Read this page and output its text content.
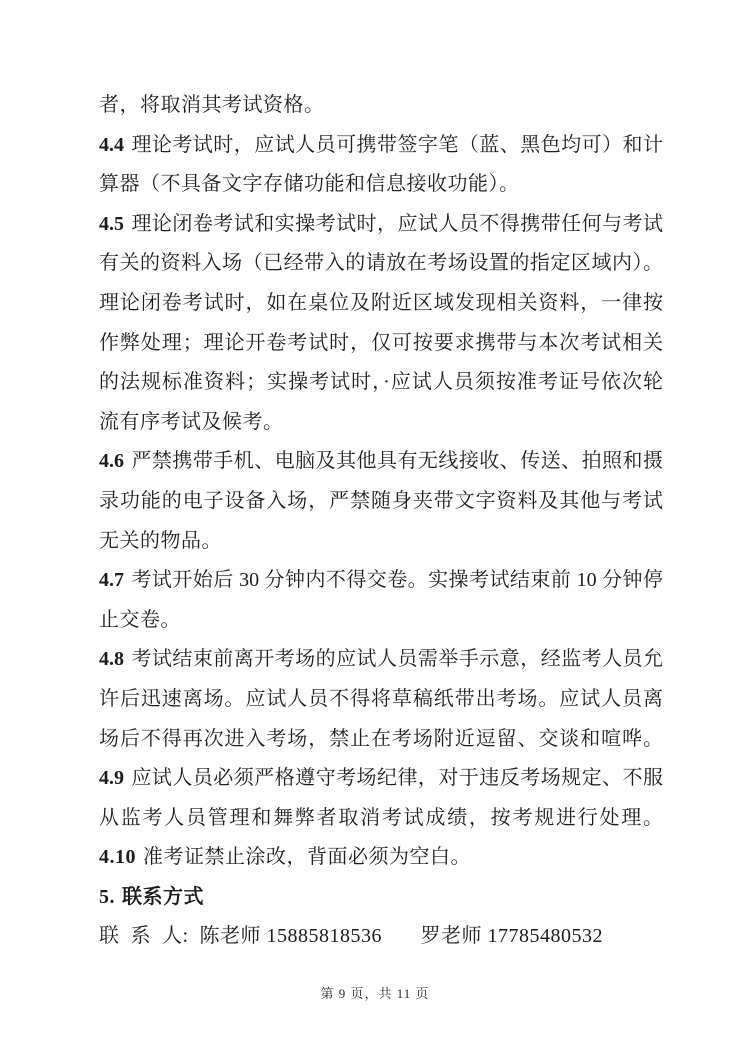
者，将取消其考试资格。
4.4 理论考试时，应试人员可携带签字笔（蓝、黑色均可）和计
算器（不具备文字存储功能和信息接收功能）。
4.5 理论闭卷考试和实操考试时，应试人员不得携带任何与考试
有关的资料入场（已经带入的请放在考场设置的指定区域内）。
理论闭卷考试时，如在桌位及附近区域发现相关资料，一律按
作弊处理；理论开卷考试时，仅可按要求携带与本次考试相关
的法规标准资料；实操考试时，·应试人员须按准考证号依次轮
流有序考试及候考。
4.6 严禁携带手机、电脑及其他具有无线接收、传送、拍照和摄
录功能的电子设备入场，严禁随身夹带文字资料及其他与考试
无关的物品。
4.7 考试开始后 30 分钟内不得交卷。实操考试结束前 10 分钟停
止交卷。
4.8 考试结束前离开考场的应试人员需举手示意，经监考人员允
许后迅速离场。应试人员不得将草稿纸带出考场。应试人员离
场后不得再次进入考场，禁止在考场附近逗留、交谈和喧哗。
4.9 应试人员必须严格遵守考场纪律，对于违反考场规定、不服
从监考人员管理和舞弊者取消考试成绩，按考规进行处理。
4.10 准考证禁止涂改，背面必须为空白。
5. 联系方式
联  系  人:  陈老师 15885818536       罗老师 17785480532
第 9 页，共 11 页
